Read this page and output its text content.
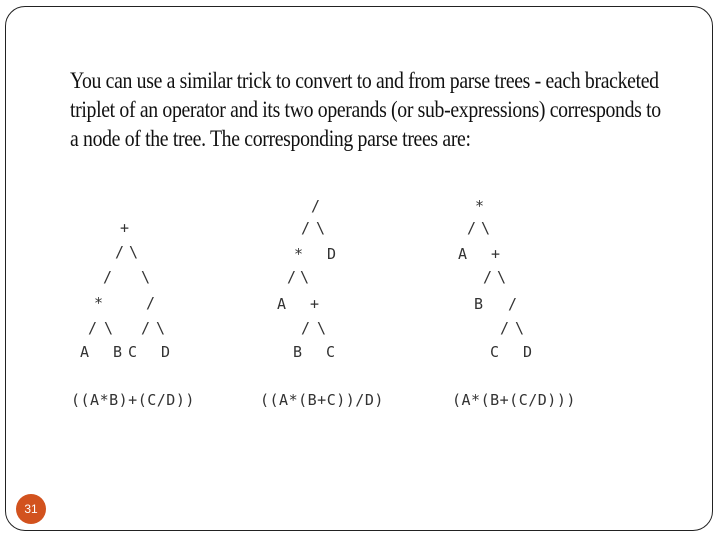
You can use a similar trick to convert to and from parse trees - each bracketed triplet of an operator and its two operands (or sub-expressions) corresponds to a node of the tree. The corresponding parse trees are:
+
/ \
/ \
*	/
/ \ / \
A B C D
((A*B)+(C/D))
/
/ \
* D
/ \
A +
/ \
B C
((A*(B+C))/D)
*
/ \
A +
/ \
B /
/ \
C D
(A*(B+(C/D)))
31
